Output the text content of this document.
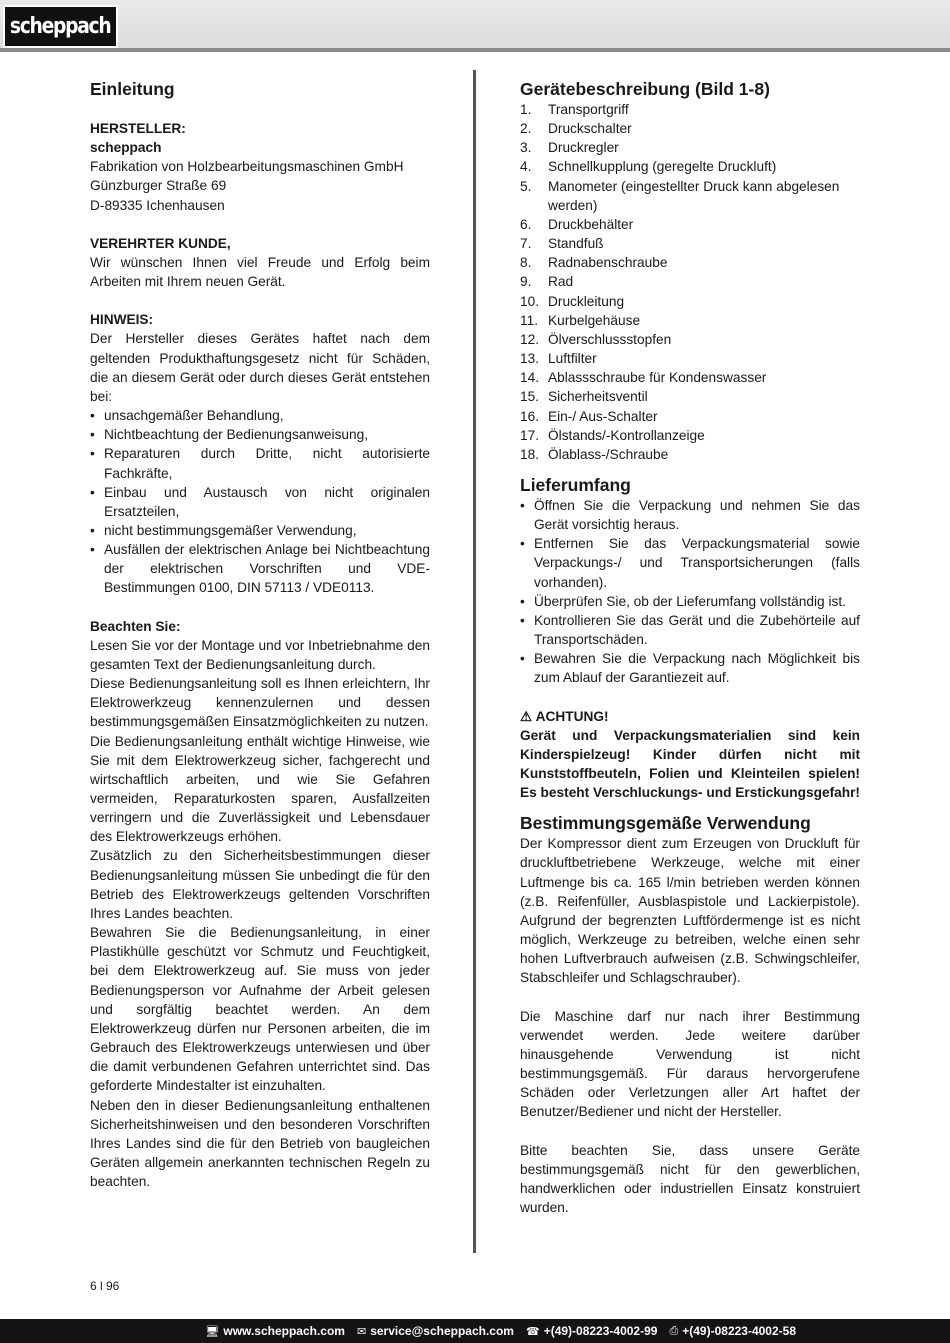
scheppach
Einleitung
HERSTELLER:
scheppach
Fabrikation von Holzbearbeitungsmaschinen GmbH
Günzburger Straße 69
D-89335 Ichenhausen
VEREHRTER KUNDE,

Wir wünschen Ihnen viel Freude und Erfolg beim Arbeiten mit Ihrem neuen Gerät.

HINWEIS:

Der Hersteller dieses Gerätes haftet nach dem geltenden Produkthaftungsgesetz nicht für Schäden, die an diesem Gerät oder durch dieses Gerät entstehen bei:

• unsachgemäßer Behandlung,
• Nichtbeachtung der Bedienungsanweisung,
• Reparaturen durch Dritte, nicht autorisierte Fachkräfte,
• Einbau und Austausch von nicht originalen Ersatzteilen,
• nicht bestimmungsgemäßer Verwendung,
• Ausfällen der elektrischen Anlage bei Nichtbeachtung der elektrischen Vorschriften und VDE-Bestimmungen 0100, DIN 57113 / VDE0113.
Beachten Sie:

Lesen Sie vor der Montage und vor Inbetriebnahme den gesamten Text der Bedienungsanleitung durch.

Diese Bedienungsanleitung soll es Ihnen erleichtern, Ihr Elektrowerkzeug kennenzulernen und dessen bestimmungsgemäßen Einsatzmöglichkeiten zu nutzen.

Die Bedienungsanleitung enthält wichtige Hinweise, wie Sie mit dem Elektrowerkzeug sicher, fachgerecht und wirtschaftlich arbeiten, und wie Sie Gefahren vermeiden, Reparaturkosten sparen, Ausfallzeiten verringern und die Zuverlässigkeit und Lebensdauer des Elektrowerkzeugs erhöhen.

Zusätzlich zu den Sicherheitsbestimmungen dieser Bedienungsanleitung müssen Sie unbedingt die für den Betrieb des Elektrowerkzeugs geltenden Vorschriften Ihres Landes beachten.

Bewahren Sie die Bedienungsanleitung, in einer Plastikhülle geschützt vor Schmutz und Feuchtigkeit, bei dem Elektrowerkzeug auf. Sie muss von jeder Bedienungsperson vor Aufnahme der Arbeit gelesen und sorgfältig beachtet werden. An dem Elektrowerkzeug dürfen nur Personen arbeiten, die im Gebrauch des Elektrowerkzeugs unterwiesen und über die damit verbundenen Gefahren unterrichtet sind. Das geforderte Mindestalter ist einzuhalten.

Neben den in dieser Bedienungsanleitung enthaltenen Sicherheitshinweisen und den besonderen Vorschriften Ihres Landes sind die für den Betrieb von baugleichen Geräten allgemein anerkannten technischen Regeln zu beachten.

Gerätebeschreibung (Bild 1-8)
1. Transportgriff
2. Druckschalter
3. Druckregler
4. Schnellkupplung (geregelte Druckluft)
5. Manometer (eingestellter Druck kann abgelesen werden)
6. Druckbehälter
7. Standfuß
8. Radnabenschraube
9. Rad
10. Druckleitung
11. Kurbelgehäuse
12. Ölverschlussstopfen
13. Luftfilter
14. Ablassschraube für Kondenswasser
15. Sicherheitsventil
16. Ein-/ Aus-Schalter
17. Ölstands/-Kontrollanzeige
18. Ölablass-/Schraube
Lieferumfang
• Öffnen Sie die Verpackung und nehmen Sie das Gerät vorsichtig heraus.
• Entfernen Sie das Verpackungsmaterial sowie Verpackungs-/ und Transportsicherungen (falls vorhanden).
• Überprüfen Sie, ob der Lieferumfang vollständig ist.
• Kontrollieren Sie das Gerät und die Zubehörteile auf Transportschäden.
• Bewahren Sie die Verpackung nach Möglichkeit bis zum Ablauf der Garantiezeit auf.
⚠ ACHTUNG!

Gerät und Verpackungsmaterialien sind kein Kinderspielzeug! Kinder dürfen nicht mit Kunststoffbeuteln, Folien und Kleinteilen spielen! Es besteht Verschluckungs- und Erstickungsgefahr!

Bestimmungsgemäße Verwendung

Der Kompressor dient zum Erzeugen von Druckluft für druckluftbetriebene Werkzeuge, welche mit einer Luftmenge bis ca. 165 l/min betrieben werden können (z.B. Reifenfüller, Ausblaspistole und Lackierpistole). Aufgrund der begrenzten Luftfördermenge ist es nicht möglich, Werkzeuge zu betreiben, welche einen sehr hohen Luftverbrauch aufweisen (z.B. Schwingschleifer, Stabschleifer und Schlagschrauber).

Die Maschine darf nur nach ihrer Bestimmung verwendet werden. Jede weitere darüber hinausgehende Verwendung ist nicht bestimmungsgemäß. Für daraus hervorgerufene Schäden oder Verletzungen aller Art haftet der Benutzer/Bediener und nicht der Hersteller.

Bitte beachten Sie, dass unsere Geräte bestimmungsgemäß nicht für den gewerblichen, handwerklichen oder industriellen Einsatz konstruiert wurden.

6 l 96
🖥 www.scheppach.com ✉ service@scheppach.com ☎ +(49)-08223-4002-99 ⎙ +(49)-08223-4002-58
